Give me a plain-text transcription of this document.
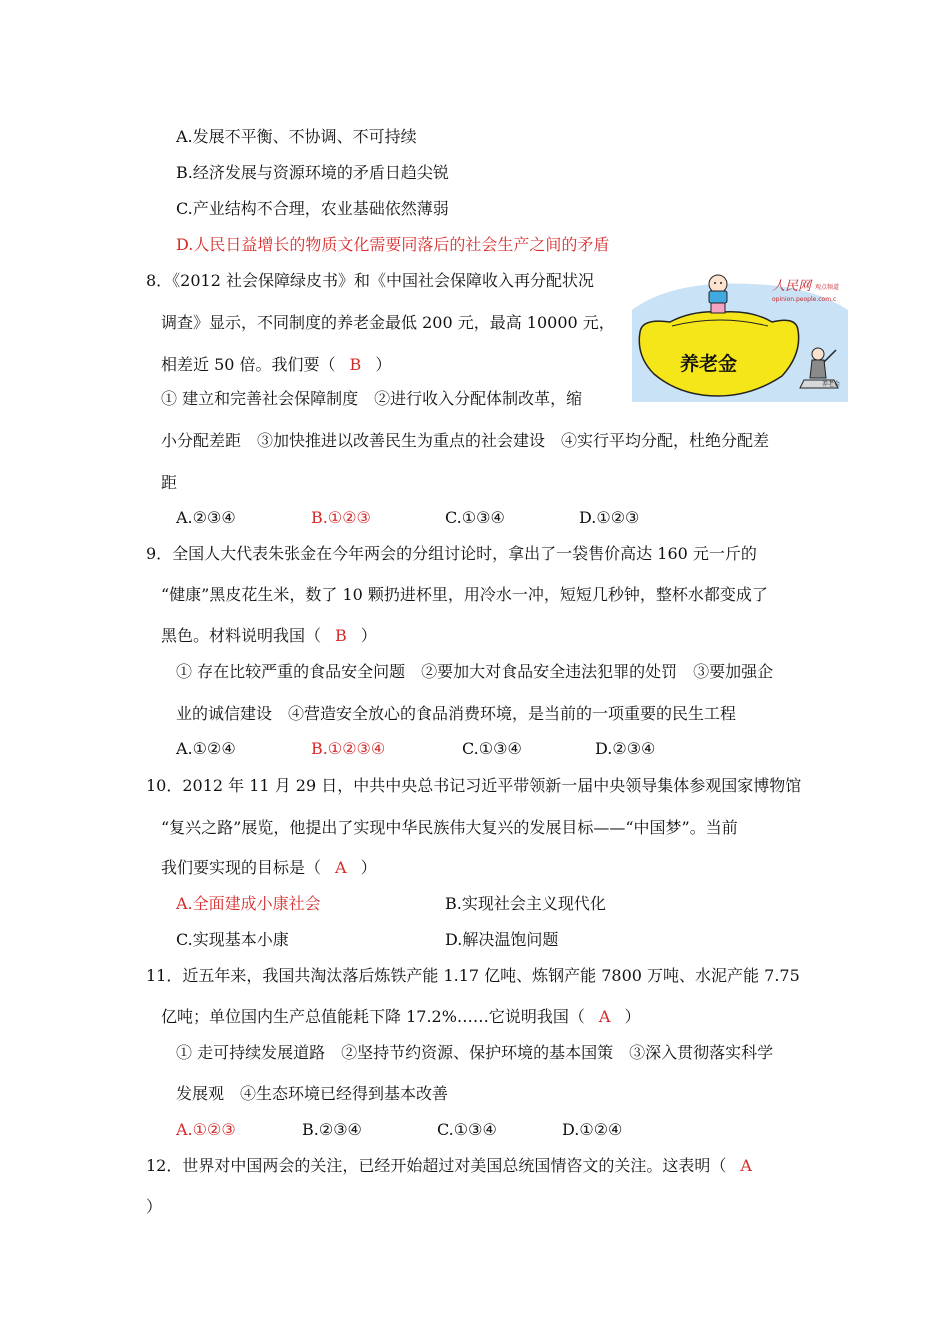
A.发展不平衡、不协调、不可持续
B.经济发展与资源环境的矛盾日趋尖锐
C.产业结构不合理，农业基础依然薄弱
D.人民日益增长的物质文化需要同落后的社会生产之间的矛盾
8．《2012 社会保障绿皮书》和《中国社会保障收入再分配状况
调查》显示，不同制度的养老金最低 200 元，最高 10000 元，
相差近 50 倍。我们要（ B ）
① 建立和完善社会保障制度　②进行收入分配体制改革，缩
小分配差距　③加快推进以改善民生为重点的社会建设　④实行平均分配，杜绝分配差
距
A.②③④	B.①②③	C.①③④	D.①②③
人民网 观点频道
opinion.people.com.c
养老金
养老金
9．全国人大代表朱张金在今年两会的分组讨论时，拿出了一袋售价高达 160 元一斤的
“健康”黑皮花生米，数了 10 颗扔进杯里，用冷水一冲，短短几秒钟，整杯水都变成了
黑色。材料说明我国（ B ）
① 存在比较严重的食品安全问题　②要加大对食品安全违法犯罪的处罚　③要加强企
业的诚信建设　④营造安全放心的食品消费环境，是当前的一项重要的民生工程
A.①②④	B.①②③④	C.①③④	D.②③④
10．2012 年 11 月 29 日，中共中央总书记习近平带领新一届中央领导集体参观国家博物馆
“复兴之路”展览，他提出了实现中华民族伟大复兴的发展目标——“中国梦”。当前
我们要实现的目标是（ A ）
A.全面建成小康社会	B.实现社会主义现代化
C.实现基本小康	D.解决温饱问题
11．近五年来，我国共淘汰落后炼铁产能 1.17 亿吨、炼钢产能 7800 万吨、水泥产能 7.75
亿吨；单位国内生产总值能耗下降 17.2%……它说明我国（ A ）
① 走可持续发展道路　②坚持节约资源、保护环境的基本国策　③深入贯彻落实科学
发展观　④生态环境已经得到基本改善
A.①②③	B.②③④	C.①③④	D.①②④
12．世界对中国两会的关注，已经开始超过对美国总统国情咨文的关注。这表明（ A
）
